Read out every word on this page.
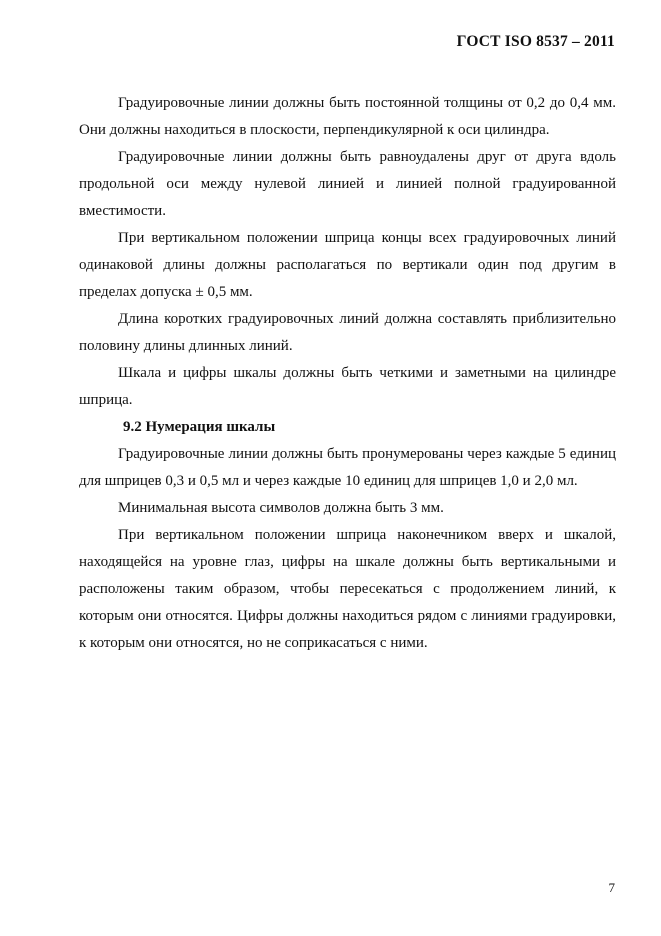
ГОСТ ISO 8537 – 2011

Градуировочные линии должны быть постоянной толщины от 0,2 до 0,4 мм. Они должны находиться в плоскости, перпендикулярной к оси цилиндра.

Градуировочные линии должны быть равноудалены друг от друга вдоль продольной оси между нулевой линией и линией полной градуированной вместимости.

При вертикальном положении шприца концы всех градуировочных линий одинаковой длины должны располагаться по вертикали один под другим в пределах допуска ± 0,5 мм.

Длина коротких градуировочных линий должна составлять приблизительно половину длины длинных линий.

Шкала и цифры шкалы должны быть четкими и заметными на цилиндре шприца.

9.2 Нумерация шкалы

Градуировочные линии должны быть пронумерованы через каждые 5 единиц для шприцев 0,3 и 0,5 мл и через каждые 10 единиц для шприцев 1,0 и 2,0 мл.

Минимальная высота символов должна быть 3 мм.

При вертикальном положении шприца наконечником вверх и шкалой, находящейся на уровне глаз, цифры на шкале должны быть вертикальными и расположены таким образом, чтобы пересекаться с продолжением линий, к которым они относятся. Цифры должны находиться рядом с линиями градуировки, к которым они относятся, но не соприкасаться с ними.

7
